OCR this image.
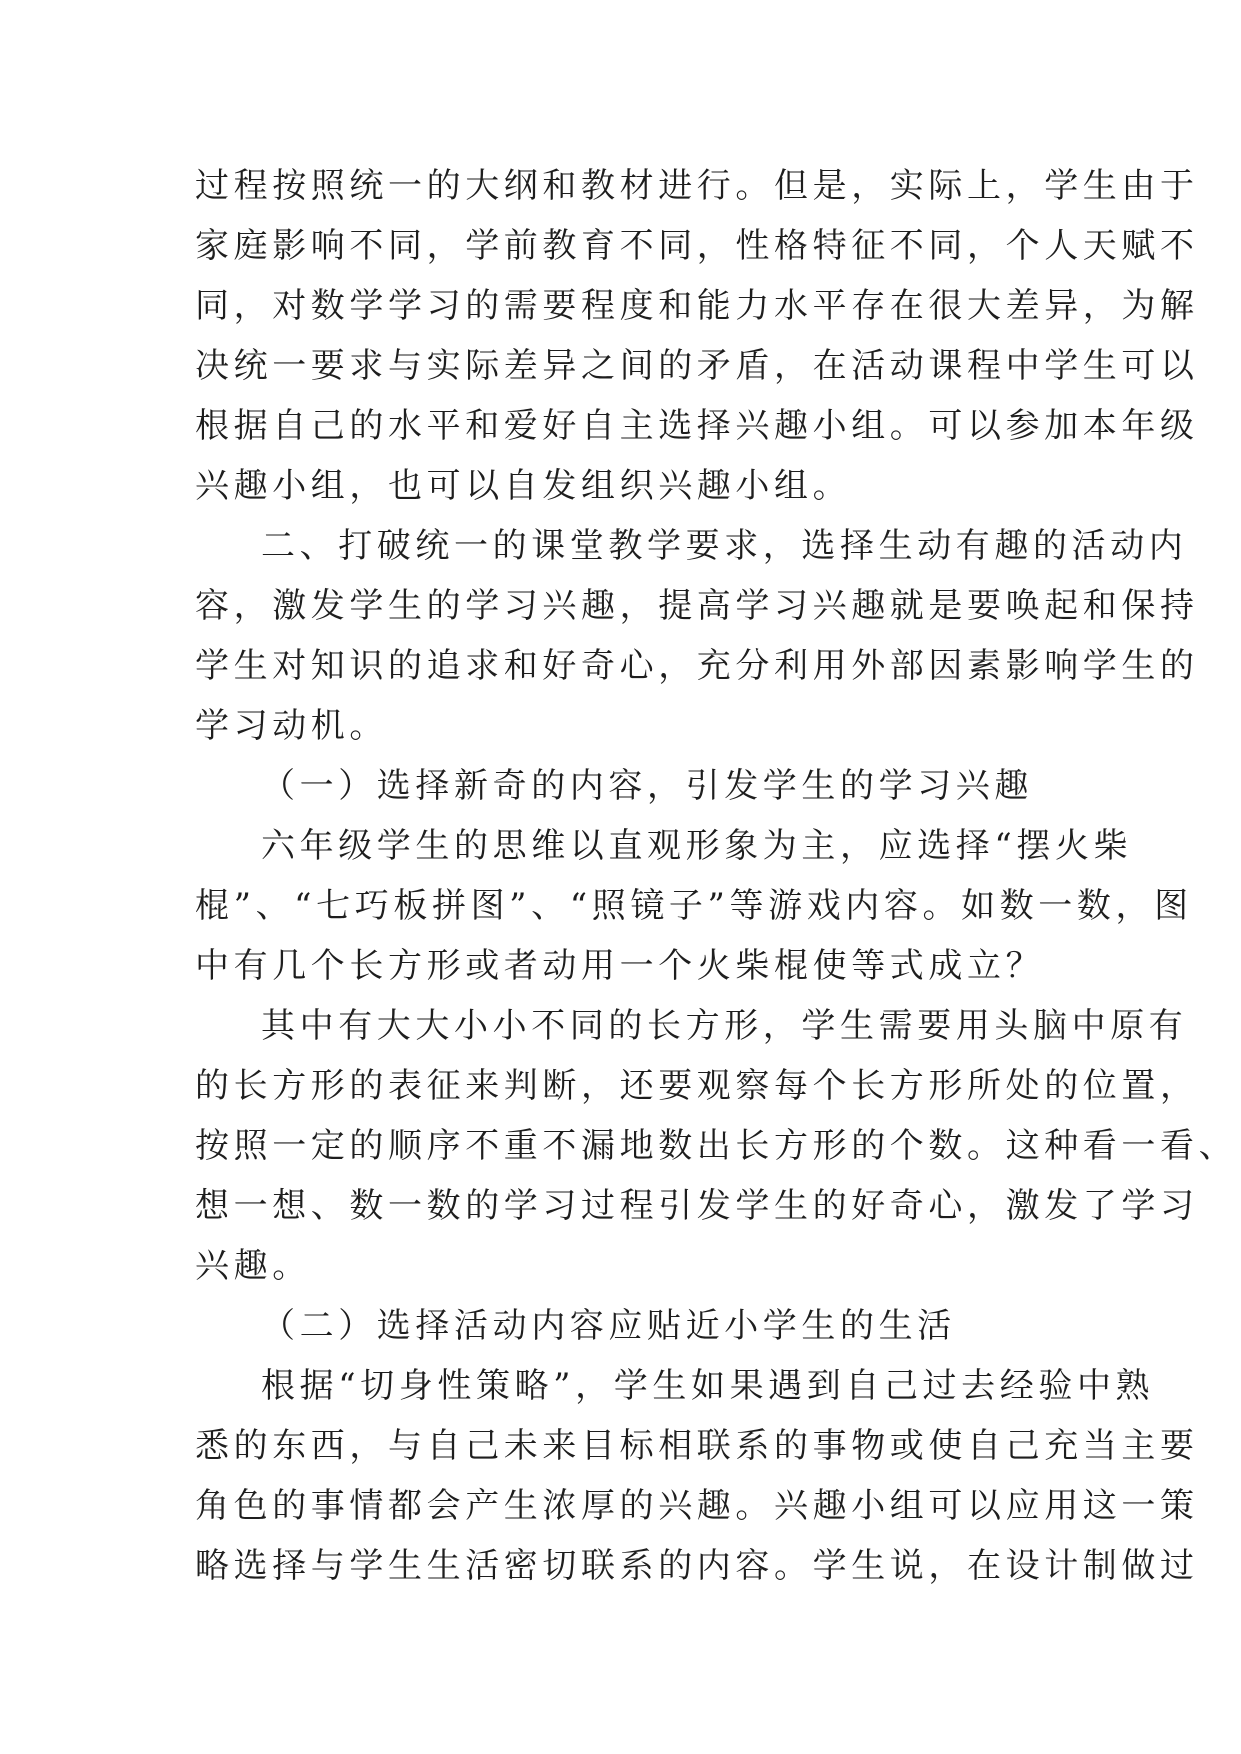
过程按照统一的大纲和教材进行。但是，实际上，学生由于

家庭影响不同，学前教育不同，性格特征不同，个人天赋不

同，对数学学习的需要程度和能力水平存在很大差异，为解

决统一要求与实际差异之间的矛盾，在活动课程中学生可以

根据自己的水平和爱好自主选择兴趣小组。可以参加本年级

兴趣小组，也可以自发组织兴趣小组。

二、打破统一的课堂教学要求，选择生动有趣的活动内

容，激发学生的学习兴趣，提高学习兴趣就是要唤起和保持

学生对知识的追求和好奇心，充分利用外部因素影响学生的

学习动机。

（一）选择新奇的内容，引发学生的学习兴趣

六年级学生的思维以直观形象为主，应选择“摆火柴

棍”、“七巧板拼图”、“照镜子”等游戏内容。如数一数，图

中有几个长方形或者动用一个火柴棍使等式成立？

其中有大大小小不同的长方形，学生需要用头脑中原有

的长方形的表征来判断，还要观察每个长方形所处的位置，

按照一定的顺序不重不漏地数出长方形的个数。这种看一看、

想一想、数一数的学习过程引发学生的好奇心，激发了学习

兴趣。

（二）选择活动内容应贴近小学生的生活

根据“切身性策略”，学生如果遇到自己过去经验中熟

悉的东西，与自己未来目标相联系的事物或使自己充当主要

角色的事情都会产生浓厚的兴趣。兴趣小组可以应用这一策

略选择与学生生活密切联系的内容。学生说，在设计制做过
